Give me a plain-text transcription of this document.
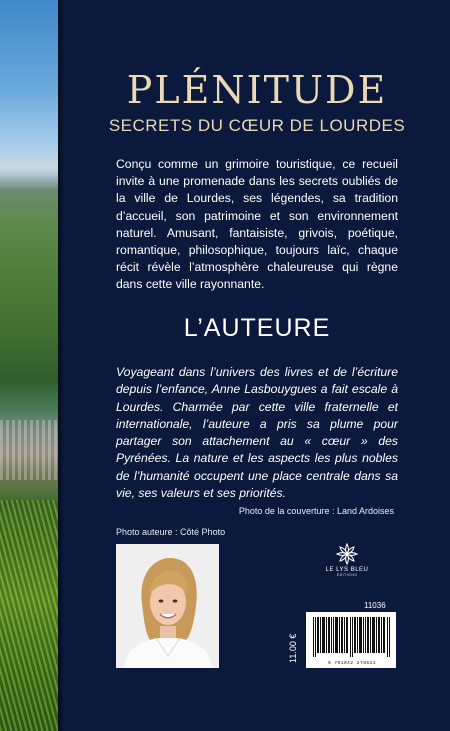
PLÉNITUDE
SECRETS DU CŒUR DE LOURDES

Conçu comme un grimoire touristique, ce recueil invite à une promenade dans les secrets oubliés de la ville de Lourdes, ses légendes, sa tradition d’accueil, son patrimoine et son environnement naturel. Amusant, fantaisiste, grivois, poétique, romantique, philosophique, toujours laïc, chaque récit révèle l’atmosphère chaleureuse qui règne dans cette ville rayonnante.

L’AUTEURE

Voyageant dans l’univers des livres et de l’écriture depuis l’enfance, Anne Lasbouygues a fait escale à Lourdes. Charmée par cette ville fraternelle et internationale, l’auteure a pris sa plume pour partager son attachement au « cœur » des Pyrénées. La nature et les aspects les plus nobles de l’humanité occupent une place centrale dans sa vie, ses valeurs et ses priorités.

Photo de la couverture : Land Ardoises
Photo auteure : Côté Photo
LE LYS BLEU
ÉDITIONS
11036
11.00 €
9 791042 278621
